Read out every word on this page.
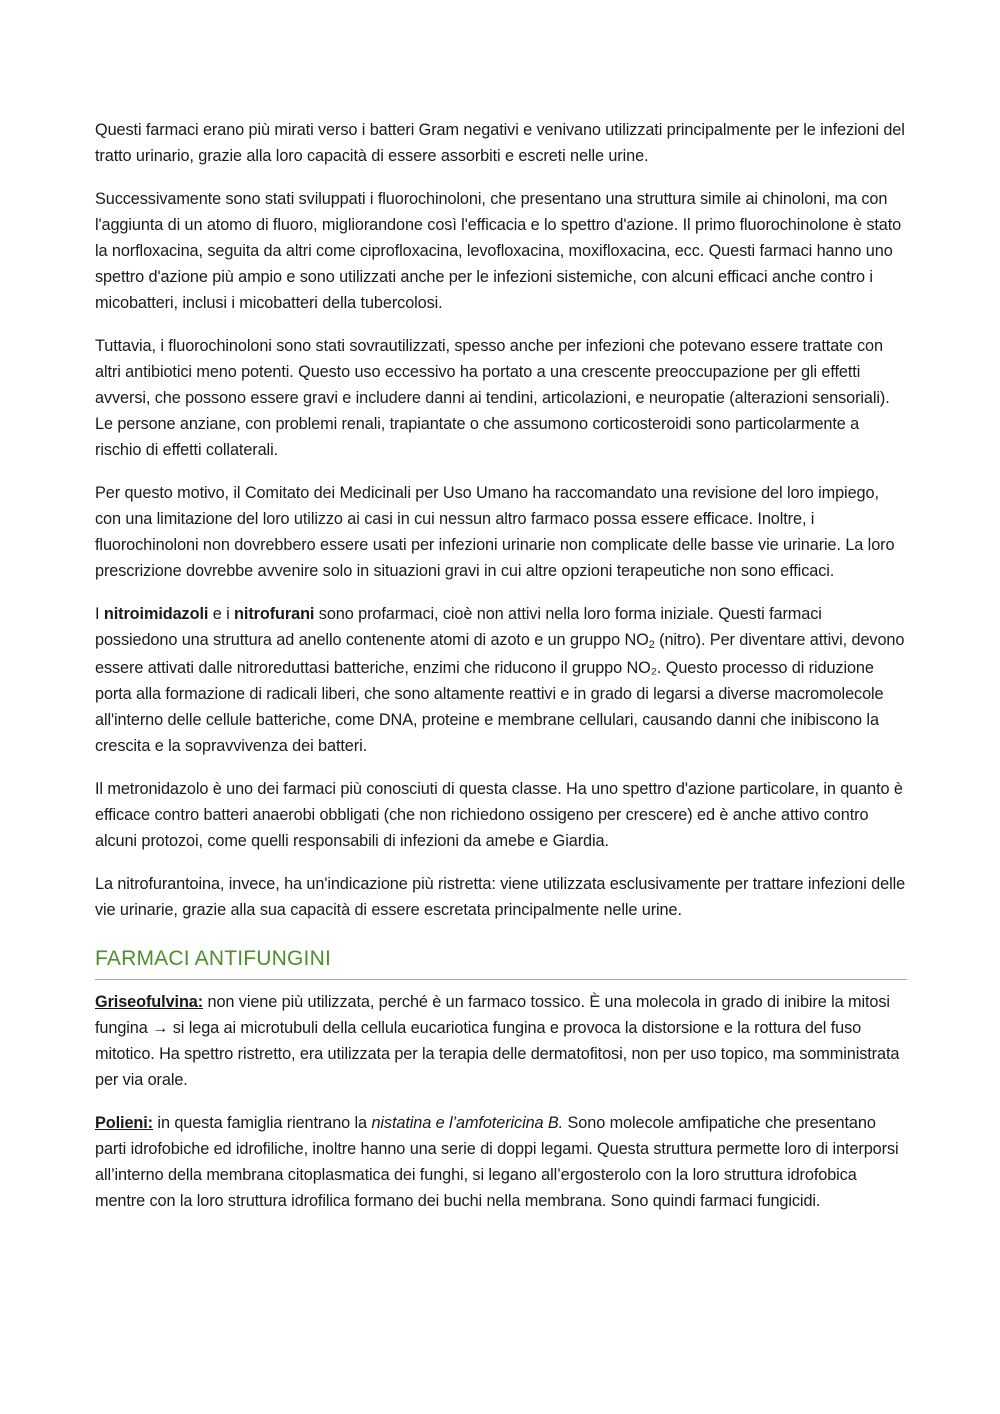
Questi farmaci erano più mirati verso i batteri Gram negativi e venivano utilizzati principalmente per le infezioni del tratto urinario, grazie alla loro capacità di essere assorbiti e escreti nelle urine.

Successivamente sono stati sviluppati i fluorochinoloni, che presentano una struttura simile ai chinoloni, ma con l'aggiunta di un atomo di fluoro, migliorandone così l'efficacia e lo spettro d'azione. Il primo fluorochinolone è stato la norfloxacina, seguita da altri come ciprofloxacina, levofloxacina, moxifloxacina, ecc. Questi farmaci hanno uno spettro d'azione più ampio e sono utilizzati anche per le infezioni sistemiche, con alcuni efficaci anche contro i micobatteri, inclusi i micobatteri della tubercolosi.

Tuttavia, i fluorochinoloni sono stati sovrautilizzati, spesso anche per infezioni che potevano essere trattate con altri antibiotici meno potenti. Questo uso eccessivo ha portato a una crescente preoccupazione per gli effetti avversi, che possono essere gravi e includere danni ai tendini, articolazioni, e neuropatie (alterazioni sensoriali). Le persone anziane, con problemi renali, trapiantate o che assumono corticosteroidi sono particolarmente a rischio di effetti collaterali.

Per questo motivo, il Comitato dei Medicinali per Uso Umano ha raccomandato una revisione del loro impiego, con una limitazione del loro utilizzo ai casi in cui nessun altro farmaco possa essere efficace. Inoltre, i fluorochinoloni non dovrebbero essere usati per infezioni urinarie non complicate delle basse vie urinarie. La loro prescrizione dovrebbe avvenire solo in situazioni gravi in cui altre opzioni terapeutiche non sono efficaci.

I nitroimidazoli e i nitrofurani sono profarmaci, cioè non attivi nella loro forma iniziale. Questi farmaci possiedono una struttura ad anello contenente atomi di azoto e un gruppo $NO_2$ (nitro). Per diventare attivi, devono essere attivati dalle nitroreduttasi batteriche, enzimi che riducono il gruppo NO₂. Questo processo di riduzione porta alla formazione di radicali liberi, che sono altamente reattivi e in grado di legarsi a diverse macromolecole all'interno delle cellule batteriche, come DNA, proteine e membrane cellulari, causando danni che inibiscono la crescita e la sopravvivenza dei batteri.

Il metronidazolo è uno dei farmaci più conosciuti di questa classe. Ha uno spettro d'azione particolare, in quanto è efficace contro batteri anaerobi obbligati (che non richiedono ossigeno per crescere) ed è anche attivo contro alcuni protozoi, come quelli responsabili di infezioni da amebe e Giardia.

La nitrofurantoina, invece, ha un'indicazione più ristretta: viene utilizzata esclusivamente per trattare infezioni delle vie urinarie, grazie alla sua capacità di essere escretata principalmente nelle urine.

FARMACI ANTIFUNGINI

Griseofulvina: non viene più utilizzata, perché è un farmaco tossico. È una molecola in grado di inibire la mitosi fungina → si lega ai microtubuli della cellula eucariotica fungina e provoca la distorsione e la rottura del fuso mitotico. Ha spettro ristretto, era utilizzata per la terapia delle dermatofitosi, non per uso topico, ma somministrata per via orale.

Polieni: in questa famiglia rientrano la nistatina e l’amfotericina B. Sono molecole amfipatiche che presentano parti idrofobiche ed idrofiliche, inoltre hanno una serie di doppi legami. Questa struttura permette loro di interporsi all’interno della membrana citoplasmatica dei funghi, si legano all’ergosterolo con la loro struttura idrofobica mentre con la loro struttura idrofilica formano dei buchi nella membrana. Sono quindi farmaci fungicidi.
